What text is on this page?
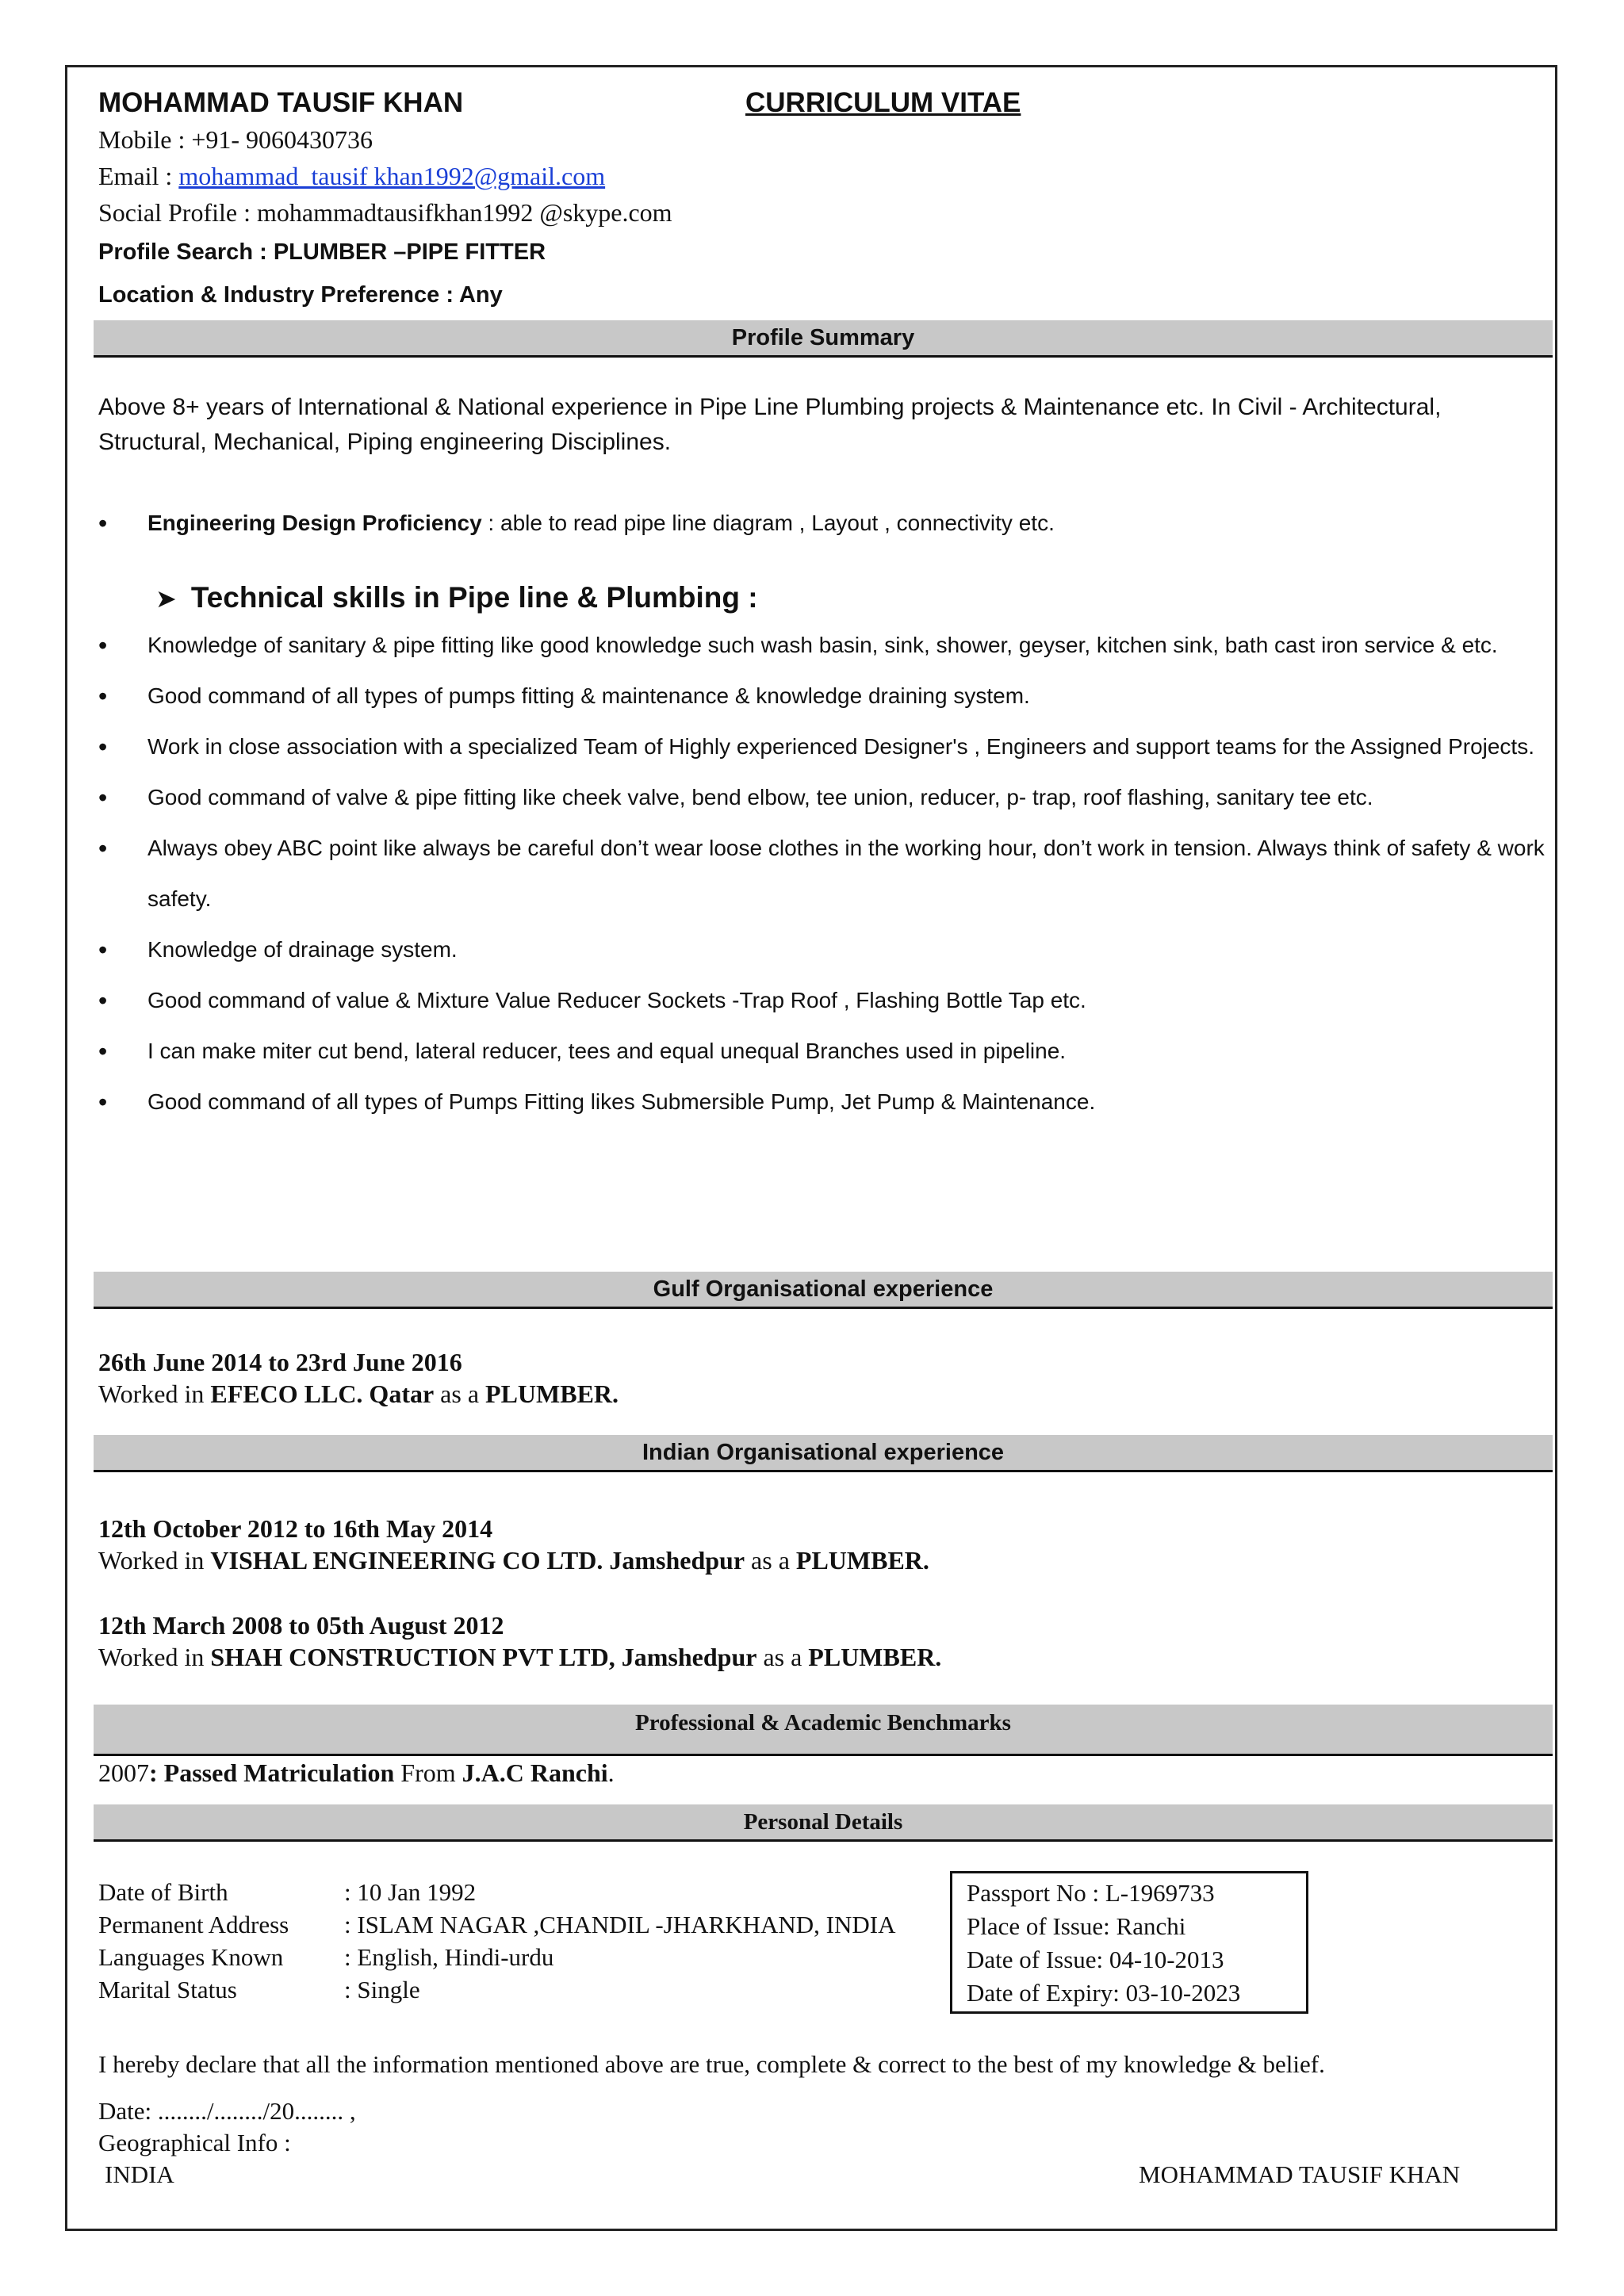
MOHAMMAD TAUSIF KHAN	CURRICULUM VITAE
Mobile : +91- 9060430736
Email : mohammad_tausif khan1992@gmail.com
Social Profile : mohammadtausifkhan1992 @skype.com
Profile Search : PLUMBER –PIPE FITTER
Location & Industry Preference : Any
Profile Summary
Above 8+ years of International & National experience in Pipe Line Plumbing projects & Maintenance etc. In Civil - Architectural, Structural, Mechanical, Piping engineering Disciplines.
• Engineering Design Proficiency : able to read pipe line diagram , Layout , connectivity etc.
➤ Technical skills in Pipe line & Plumbing :
• Knowledge of sanitary & pipe fitting like good knowledge such wash basin, sink, shower, geyser, kitchen sink, bath cast iron service & etc.
• Good command of all types of pumps fitting & maintenance & knowledge draining system.
• Work in close association with a specialized Team of Highly experienced Designer's , Engineers and support teams for the Assigned Projects.
• Good command of valve & pipe fitting like cheek valve, bend elbow, tee union, reducer, p- trap, roof flashing, sanitary tee etc.
• Always obey ABC point like always be careful don’t wear loose clothes in the working hour, don’t work in tension. Always think of safety & work safety.
• Knowledge of drainage system.
• Good command of value & Mixture Value Reducer Sockets -Trap Roof , Flashing Bottle Tap etc.
• I can make miter cut bend, lateral reducer, tees and equal unequal Branches used in pipeline.
• Good command of all types of Pumps Fitting likes Submersible Pump, Jet Pump & Maintenance.
Gulf Organisational experience
26th June 2014 to 23rd June 2016
Worked in EFECO LLC. Qatar as a PLUMBER.
Indian Organisational experience
12th October 2012 to 16th May 2014
Worked in VISHAL ENGINEERING CO LTD. Jamshedpur as a PLUMBER.
12th March 2008 to 05th August 2012
Worked in SHAH CONSTRUCTION PVT LTD, Jamshedpur as a PLUMBER.
Professional & Academic Benchmarks
2007: Passed Matriculation From J.A.C Ranchi.
Personal Details
Date of Birth	: 10 Jan 1992
Permanent Address	: ISLAM NAGAR ,CHANDIL -JHARKHAND, INDIA
Languages Known	: English, Hindi-urdu
Marital Status	: Single
Passport No : L-1969733
Place of Issue: Ranchi
Date of Issue: 04-10-2013
Date of Expiry: 03-10-2023
I hereby declare that all the information mentioned above are true, complete & correct to the best of my knowledge & belief.
Date: ......../......../20........ ,
Geographical Info :
INDIA	MOHAMMAD TAUSIF KHAN
